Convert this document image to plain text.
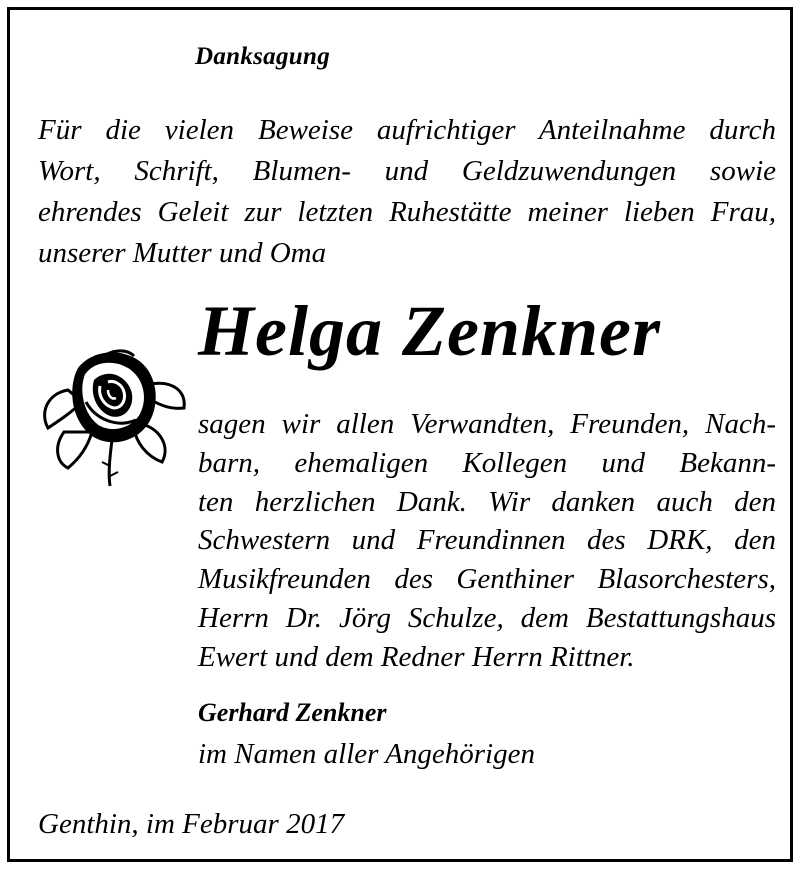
Danksagung
Für die vielen Beweise aufrichtiger Anteilnahme durch
Wort, Schrift, Blumen- und Geldzuwendungen sowie
ehrendes Geleit zur letzten Ruhestätte meiner lieben Frau,
unserer Mutter und Oma
Helga Zenkner
sagen wir allen Verwandten, Freunden, Nach-
barn, ehemaligen Kollegen und Bekann-
ten herzlichen Dank. Wir danken auch den
Schwestern und Freundinnen des DRK, den
Musikfreunden des Genthiner Blasorchesters,
Herrn Dr. Jörg Schulze, dem Bestattungshaus
Ewert und dem Redner Herrn Rittner.
Gerhard Zenkner
im Namen aller Angehörigen
Genthin, im Februar 2017
